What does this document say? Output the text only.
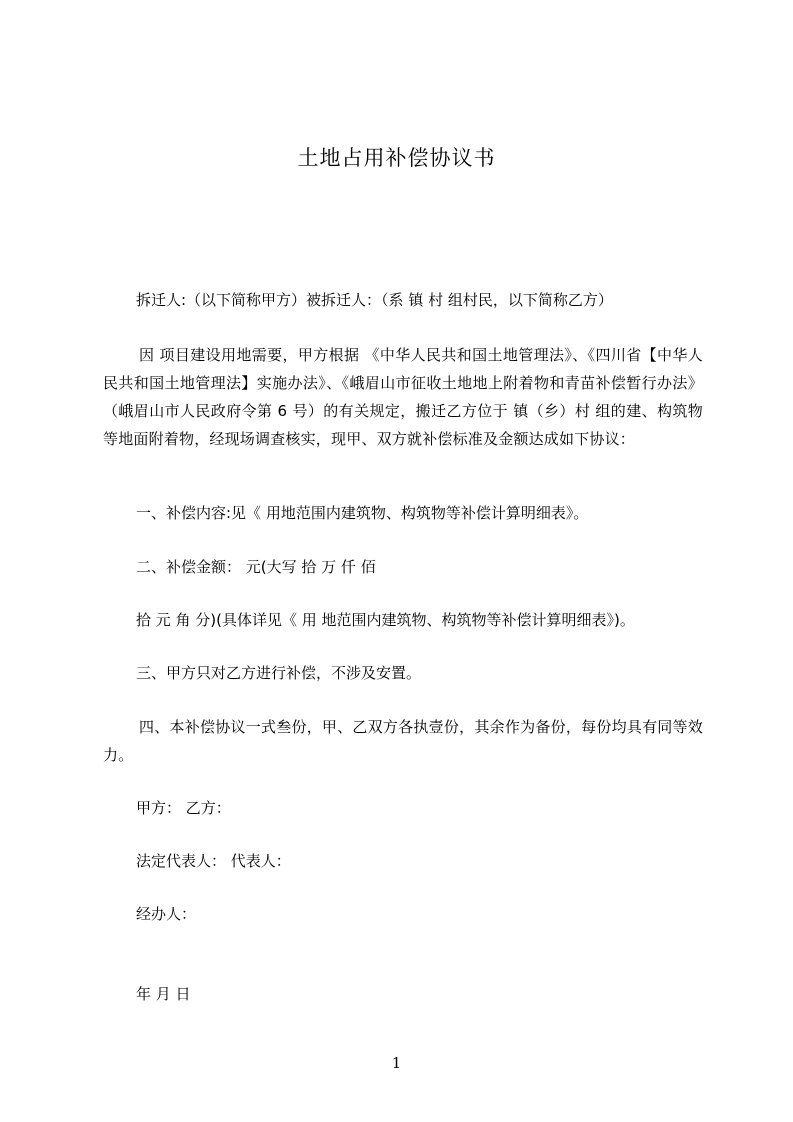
土地占用补偿协议书

拆迁人:（以下简称甲方）被拆迁人：（系 镇 村 组村民，以下简称乙方）

因 项目建设用地需要，甲方根据 《中华人民共和国土地管理法》、《四川省【中华人民共和国土地管理法】实施办法》、《峨眉山市征收土地地上附着物和青苗补偿暂行办法》（峨眉山市人民政府令第 6 号）的有关规定，搬迁乙方位于 镇（乡）村 组的建、构筑物等地面附着物，经现场调查核实，现甲、双方就补偿标准及金额达成如下协议：

一、补偿内容:见《 用地范围内建筑物、构筑物等补偿计算明细表》。

二、补偿金额： 元(大写 拾 万 仟 佰

拾 元 角 分)(具体详见《 用 地范围内建筑物、构筑物等补偿计算明细表》)。

三、甲方只对乙方进行补偿，不涉及安置。

四、本补偿协议一式叁份，甲、乙双方各执壹份，其余作为备份，每份均具有同等效力。

甲方： 乙方：

法定代表人： 代表人：

经办人：

年 月 日

1
